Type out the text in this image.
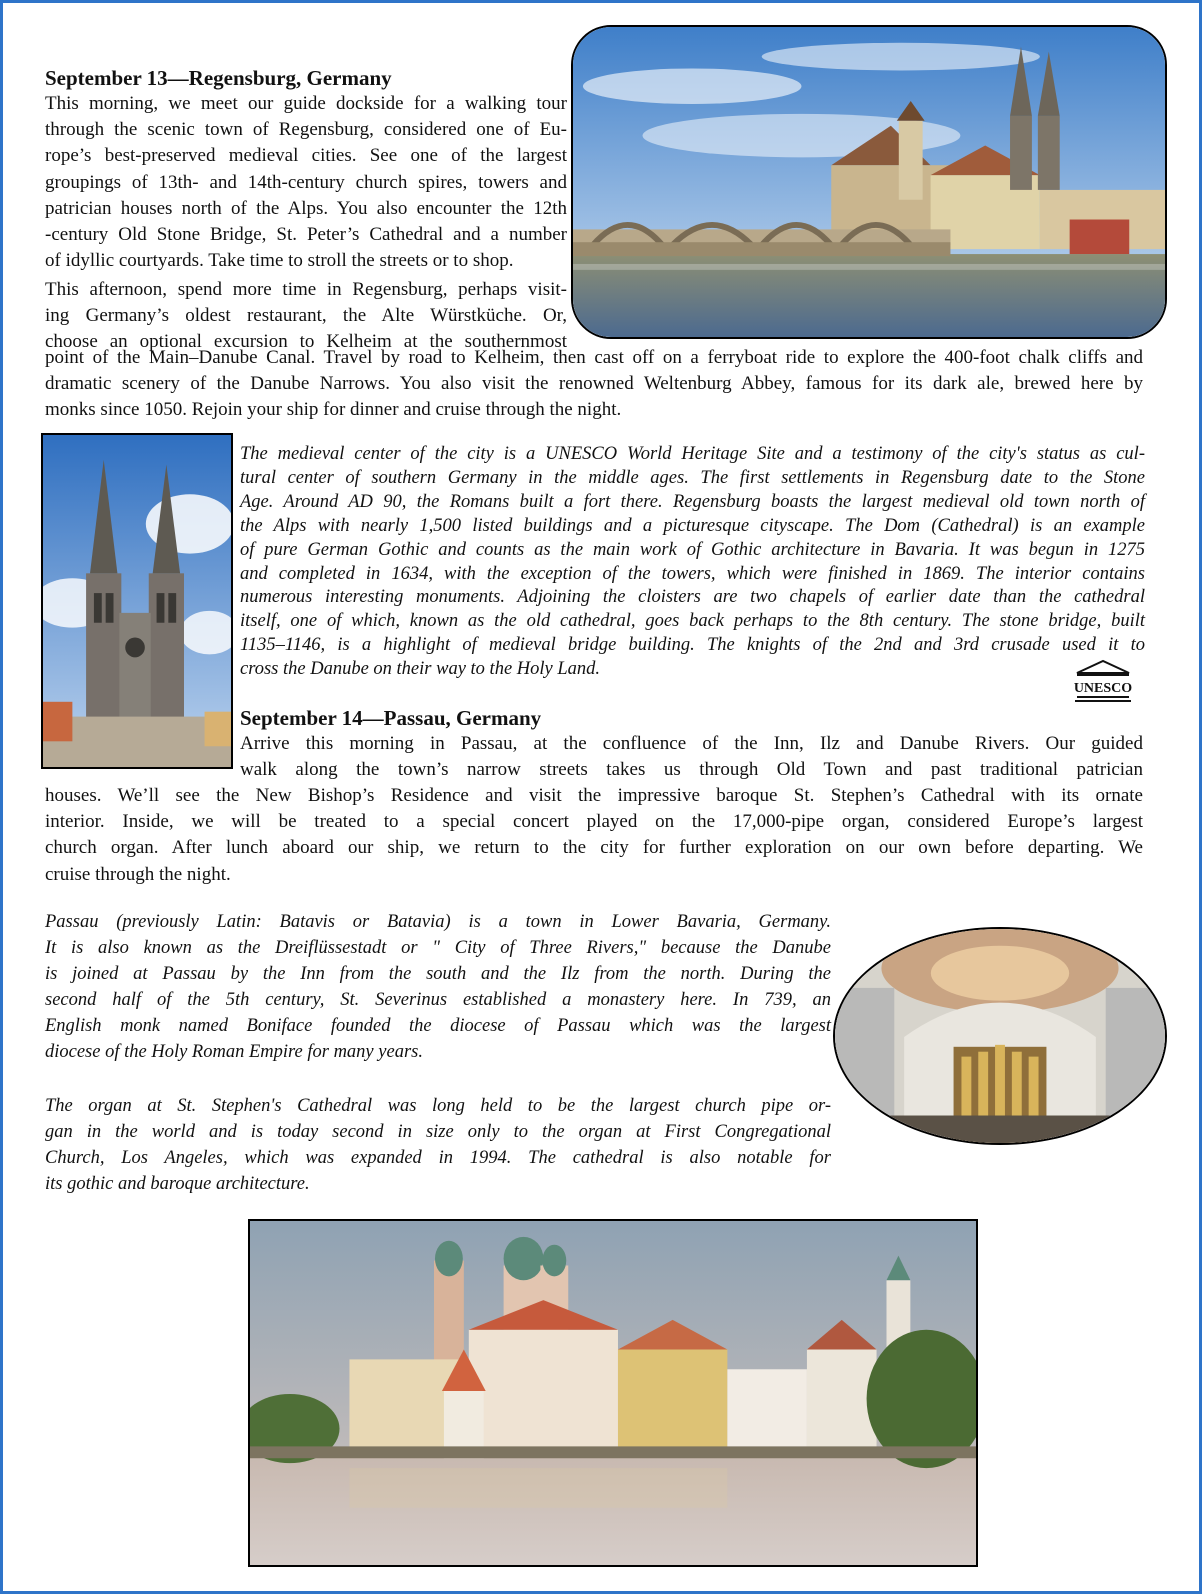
September 13—Regensburg, Germany
This morning, we meet our guide dockside for a walking tour
through the scenic town of Regensburg, considered one of Eu-
rope’s best-preserved medieval cities. See one of the largest
groupings of 13th- and 14th-century church spires, towers and
patrician houses north of the Alps. You also encounter the 12th
-century Old Stone Bridge, St. Peter’s Cathedral and a number
of idyllic courtyards. Take time to stroll the streets or to shop.
This afternoon, spend more time in Regensburg, perhaps visit-
ing Germany’s oldest restaurant, the Alte Würstküche. Or,
choose an optional excursion to Kelheim at the southernmost
point of the Main–Danube Canal. Travel by road to Kelheim, then cast off on a ferryboat ride to explore the 400-foot chalk cliffs and
dramatic scenery of the Danube Narrows. You also visit the renowned Weltenburg Abbey, famous for its dark ale, brewed here by
monks since 1050. Rejoin your ship for dinner and cruise through the night.
The medieval center of the city is a UNESCO World Heritage Site and a testimony of the city's status as cul-
tural center of southern Germany in the middle ages. The first settlements in Regensburg date to the Stone
Age. Around AD 90, the Romans built a fort there. Regensburg boasts the largest medieval old town north of
the Alps with nearly 1,500 listed buildings and a picturesque cityscape. The Dom (Cathedral) is an example
of pure German Gothic and counts as the main work of Gothic architecture in Bavaria. It was begun in 1275
and completed in 1634, with the exception of the towers, which were finished in 1869. The interior contains
numerous interesting monuments. Adjoining the cloisters are two chapels of earlier date than the cathedral
itself, one of which, known as the old cathedral, goes back perhaps to the 8th century. The stone bridge, built
1135–1146, is a highlight of medieval bridge building. The knights of the 2nd and 3rd crusade used it to
cross the Danube on their way to the Holy Land.
UNESCO
September 14—Passau, Germany
Arrive this morning in Passau, at the confluence of the Inn, Ilz and Danube Rivers. Our guided
walk along the town’s narrow streets takes us through Old Town and past traditional patrician
houses. We’ll see the New Bishop’s Residence and visit the impressive baroque St. Stephen’s Cathedral with its ornate
interior. Inside, we will be treated to a special concert played on the 17,000-pipe organ, considered Europe’s largest
church organ. After lunch aboard our ship, we return to the city for further exploration on our own before departing. We
cruise through the night.
Passau (previously Latin: Batavis or Batavia) is a town in Lower Bavaria, Germany.
It is also known as the Dreiflüssestadt or " City of Three Rivers," because the Danube
is joined at Passau by the Inn from the south and the Ilz from the north. During the
second half of the 5th century, St. Severinus established a monastery here. In 739, an
English monk named Boniface founded the diocese of Passau which was the largest
diocese of the Holy Roman Empire for many years.
The organ at St. Stephen's Cathedral was long held to be the largest church pipe or-
gan in the world and is today second in size only to the organ at First Congregational
Church, Los Angeles, which was expanded in 1994. The cathedral is also notable for
its gothic and baroque architecture.
